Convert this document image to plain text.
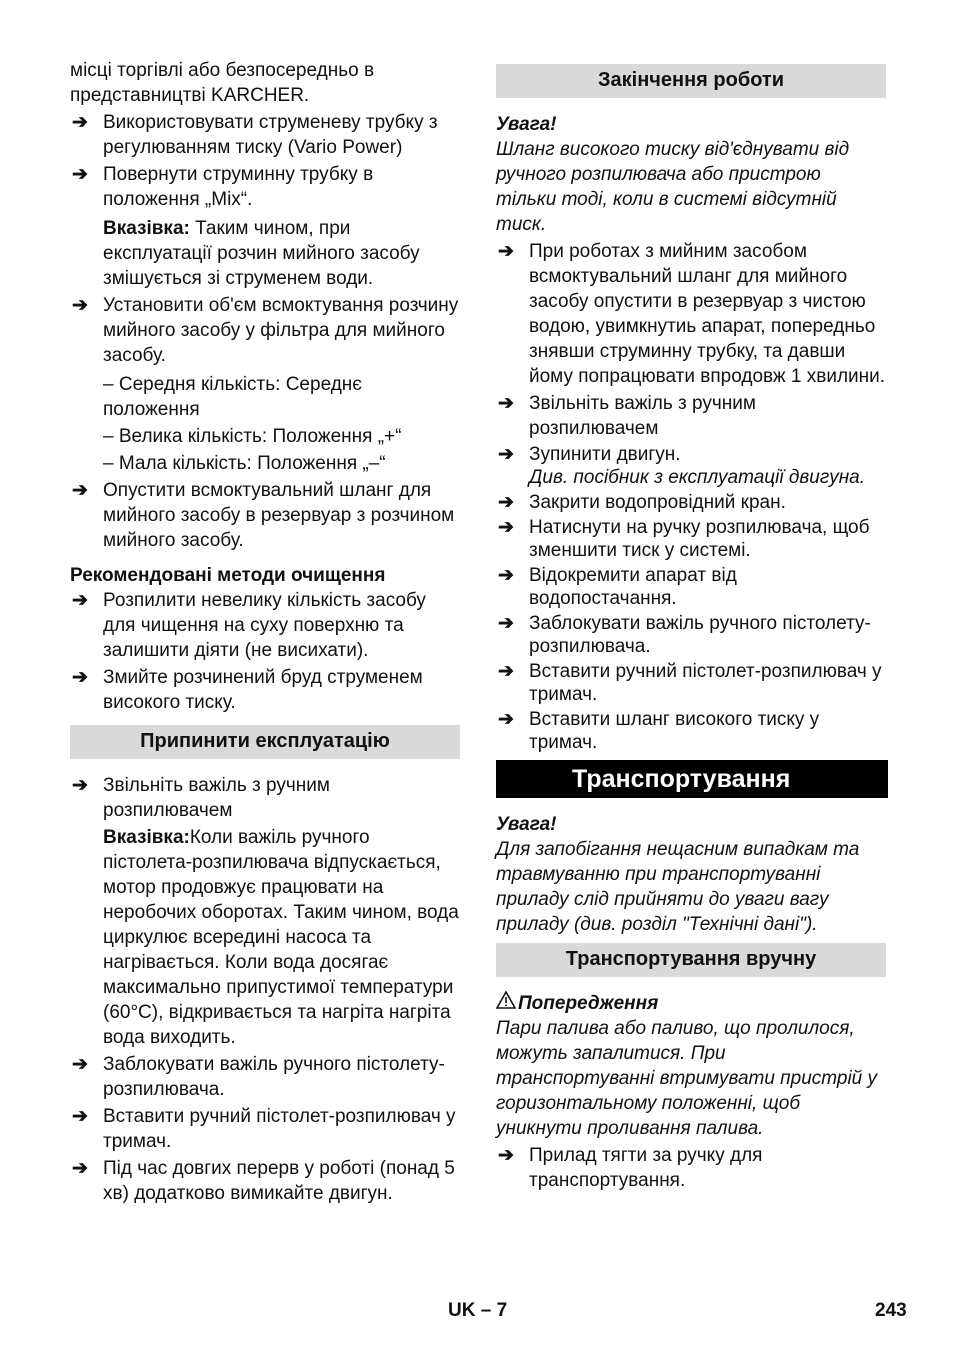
місці торгівлі або безпосередньо в представництві KARCHER.

➔ Використовувати струменеву трубку з регулюванням тиску (Vario Power)
➔ Повернути струминну трубку в положення „Mix“.

Вказівка: Таким чином, при експлуатації розчин мийного засобу змішується зі струменем води.

➔ Установити об'єм всмоктування розчину мийного засобу у фільтра для мийного засобу.

– Середня кількість: Середнє положення

– Велика кількість: Положення „+“

– Мала кількість: Положення „–“

➔ Опустити всмоктувальний шланг для мийного засобу в резервуар з розчином мийного засобу.

Рекомендовані методи очищення

➔ Розпилити невелику кількість засобу для чищення на суху поверхню та залишити діяти (не висихати).
➔ Змийте розчинений бруд струменем високого тиску.
Припинити експлуатацію
➔ Звільніть важіль з ручним розпилювачем

Вказівка:Коли важіль ручного пістолета-розпилювача відпускається, мотор продовжує працювати на неробочих оборотах. Таким чином, вода циркулює всередині насоса та нагрівається. Коли вода досягає максимально припустимої температури (60°C), відкривається та нагріта нагріта вода виходить.

➔ Заблокувати важіль ручного пістолету-розпилювача.
➔ Вставити ручний пістолет-розпилювач у тримач.
➔ Під час довгих перерв у роботі (понад 5 хв) додатково вимикайте двигун.
Закінчення роботи

Увага!

Шланг високого тиску від'єднувати від ручного розпилювача або пристрою тільки тоді, коли в системі відсутній тиск.

➔ При роботах з мийним засобом всмоктувальний шланг для мийного засобу опустити в резервуар з чистою водою, увимкнутиь апарат, попередньо знявши струминну трубку, та давши йому попрацювати впродовж 1 хвилини.
➔ Звільніть важіль з ручним розпилювачем
➔ Зупинити двигун.
Див. посібник з експлуатації двигуна.
➔ Закрити водопровідний кран.
➔ Натиснути на ручку розпилювача, щоб зменшити тиск у системі.
➔ Відокремити апарат від водопостачання.
➔ Заблокувати важіль ручного пістолету-розпилювача.
➔ Вставити ручний пістолет-розпилювач у тримач.
➔ Вставити шланг високого тиску у тримач.
Транспортування

Увага!

Для запобігання нещасним випадкам та травмуванню при транспортуванні приладу слід прийняти до уваги вагу приладу (див. розділ "Технічні дані").

Транспортування вручну

Попередження

Пари палива або паливо, що пролилося, можуть запалитися. При транспортуванні втримувати пристрій у горизонтальному положенні, щоб уникнути проливання палива.

➔ Прилад тягти за ручку для транспортування.
UK – 7	243
